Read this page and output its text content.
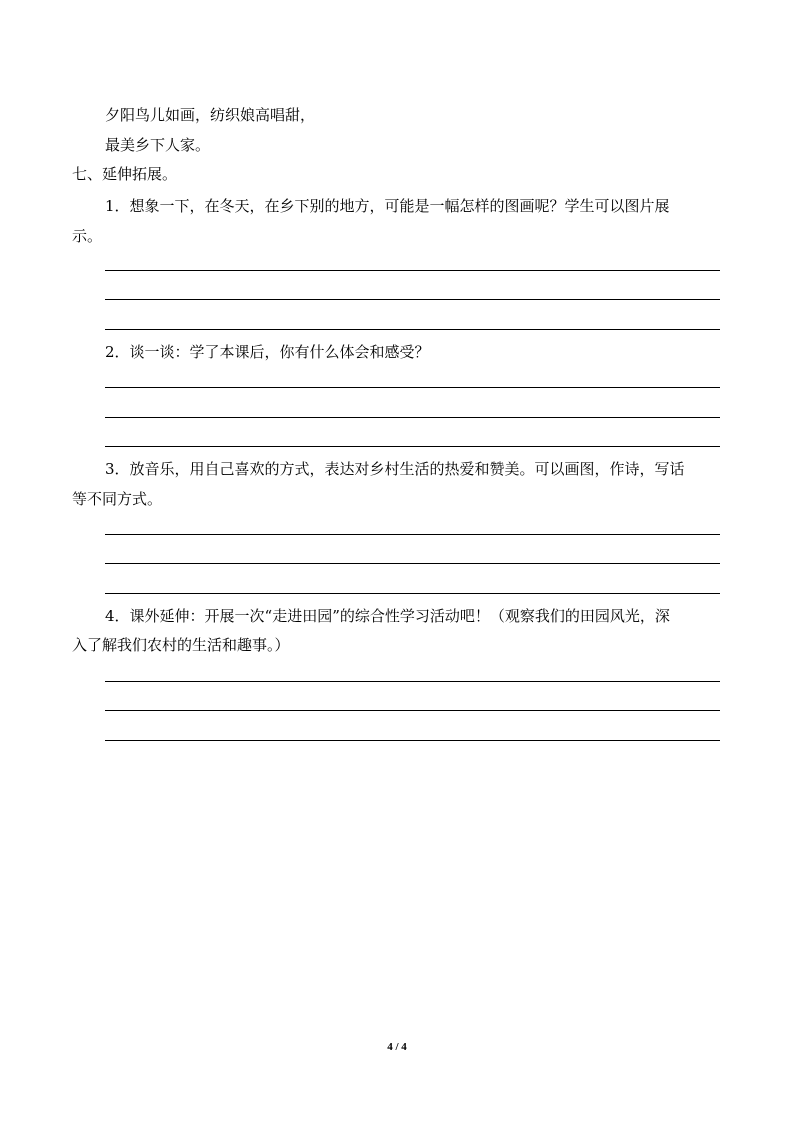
夕阳鸟儿如画，纺织娘高唱甜，
最美乡下人家。
七、延伸拓展。
1．想象一下，在冬天，在乡下别的地方，可能是一幅怎样的图画呢？学生可以图片展
示。
2．谈一谈：学了本课后，你有什么体会和感受？
3．放音乐，用自己喜欢的方式，表达对乡村生活的热爱和赞美。可以画图，作诗，写话
等不同方式。
4．课外延伸：开展一次“走进田园”的综合性学习活动吧！（观察我们的田园风光，深
入了解我们农村的生活和趣事。）
4 / 4
